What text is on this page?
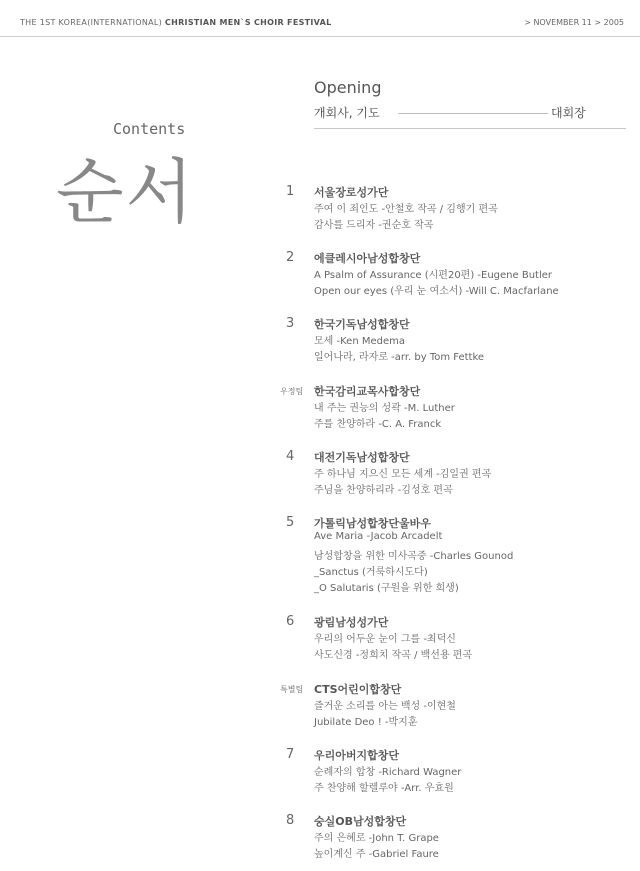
THE 1ST KOREA(INTERNATIONAL) CHRISTIAN MEN`S CHOIR FESTIVAL	> NOVEMBER 11 > 2005
Contents
순서
Opening
개회사, 기도	대회장
1	서울장로성가단
주여 이 죄인도 -안철호 작곡 / 김행기 편곡
감사를 드리자 -권순호 작곡
2	에클레시아남성합창단
A Psalm of Assurance (시편20편) -Eugene Butler
Open our eyes (우리 눈 여소서) -Will C. Macfarlane
3	한국기독남성합창단
모세 -Ken Medema
일어나라, 라자로 -arr. by Tom Fettke
우정팀 한국감리교목사합창단
내 주는 권능의 성곽 -M. Luther
주를 찬양하라 -C. A. Franck
4	대전기독남성합창단
주 하나님 지으신 모든 세계 -김일권 편곡
주님을 찬양하리라 -김성호 편곡
5	가톨릭남성합창단울바우
Ave Maria -Jacob Arcadelt
남성합창을 위한 미사곡중 -Charles Gounod
_Sanctus (거룩하시도다)
_O Salutaris (구원을 위한 희생)
6	광림남성성가단
우리의 어두운 눈이 그를 -최덕신
사도신경 -정희치 작곡 / 백선용 편곡
특별팀 CTS어린이합창단
즐거운 소리를 아는 백성 -이현철
Jubilate Deo ! -박지훈
7	우리아버지합창단
순례자의 합창 -Richard Wagner
주 찬양해 할렐루야 -Arr. 우효원
8	숭실OB남성합창단
주의 은혜로 -John T. Grape
높이계신 주 -Gabriel Faure
